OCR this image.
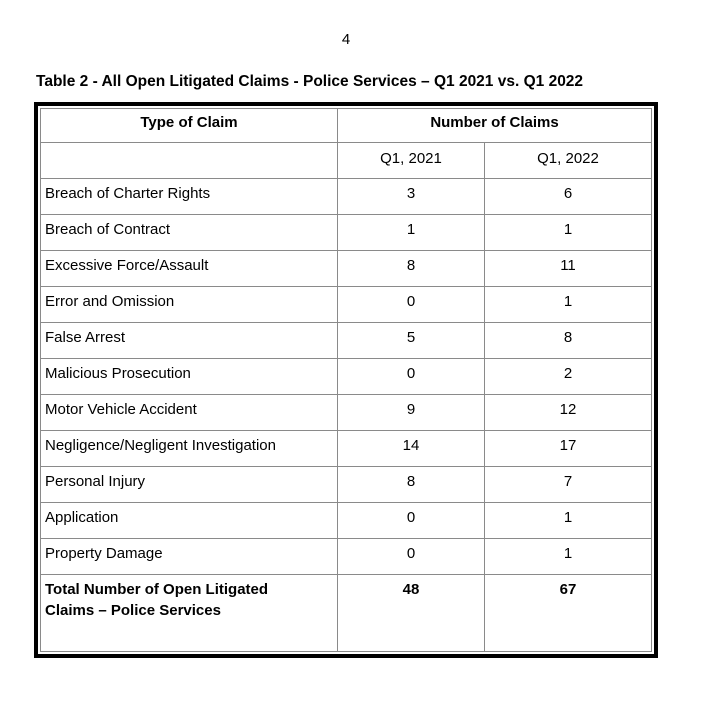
4
Table 2 - All Open Litigated Claims - Police Services – Q1 2021 vs. Q1 2022
Type of Claim	Number of Claims	
	Q1, 2021	Q1, 2022
Breach of Charter Rights	3	6
Breach of Contract	1	1
Excessive Force/Assault	8	11
Error and Omission	0	1
False Arrest	5	8
Malicious Prosecution	0	2
Motor Vehicle Accident	9	12
Negligence/Negligent Investigation	14	17
Personal Injury	8	7
Application	0	1
Property Damage	0	1

Total Number of Open Litigated
Claims – Police Services	48	67
